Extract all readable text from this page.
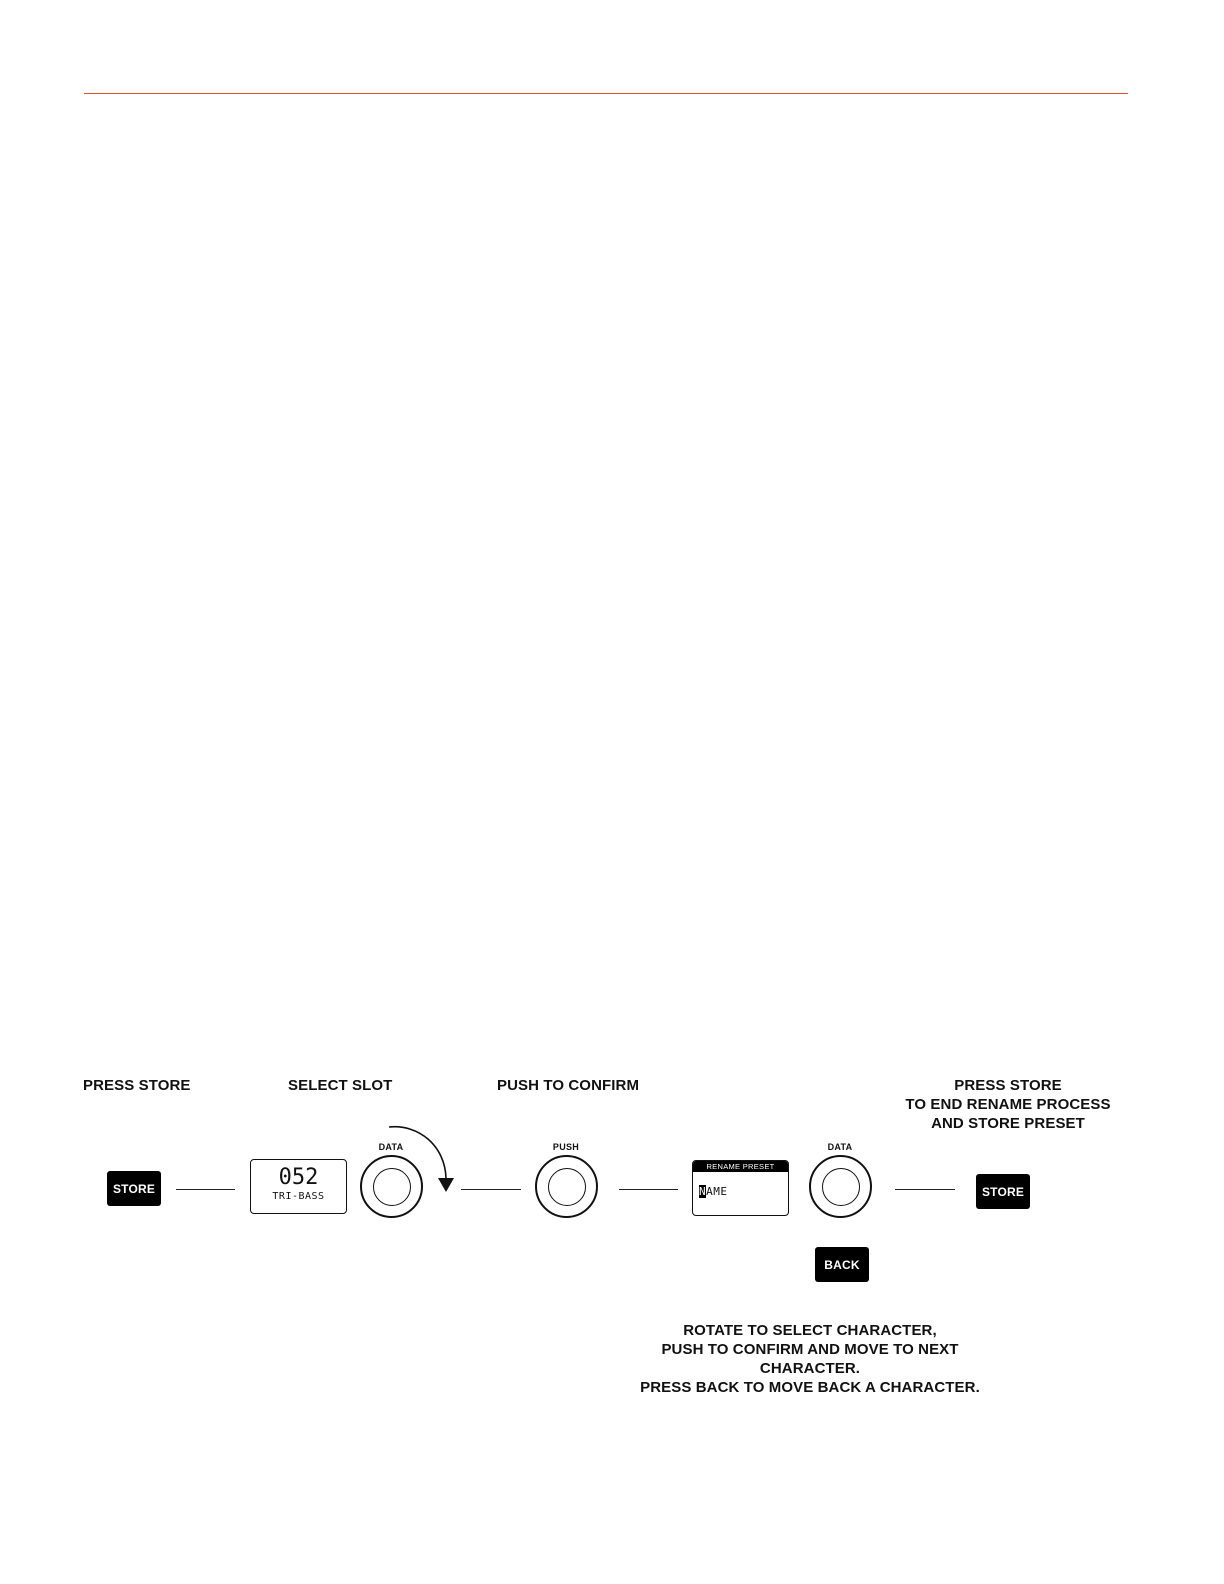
PRESS STORE	SELECT SLOT	PUSH TO CONFIRM	PRESS STORE
TO END RENAME PROCESS
AND STORE PRESET
STORE	052
TRI-BASS
DATA	PUSH
RENAME PRESET
NAME
DATA
STORE
BACK
ROTATE TO SELECT CHARACTER,
PUSH TO CONFIRM AND MOVE TO NEXT
CHARACTER.
PRESS BACK TO MOVE BACK A CHARACTER.
